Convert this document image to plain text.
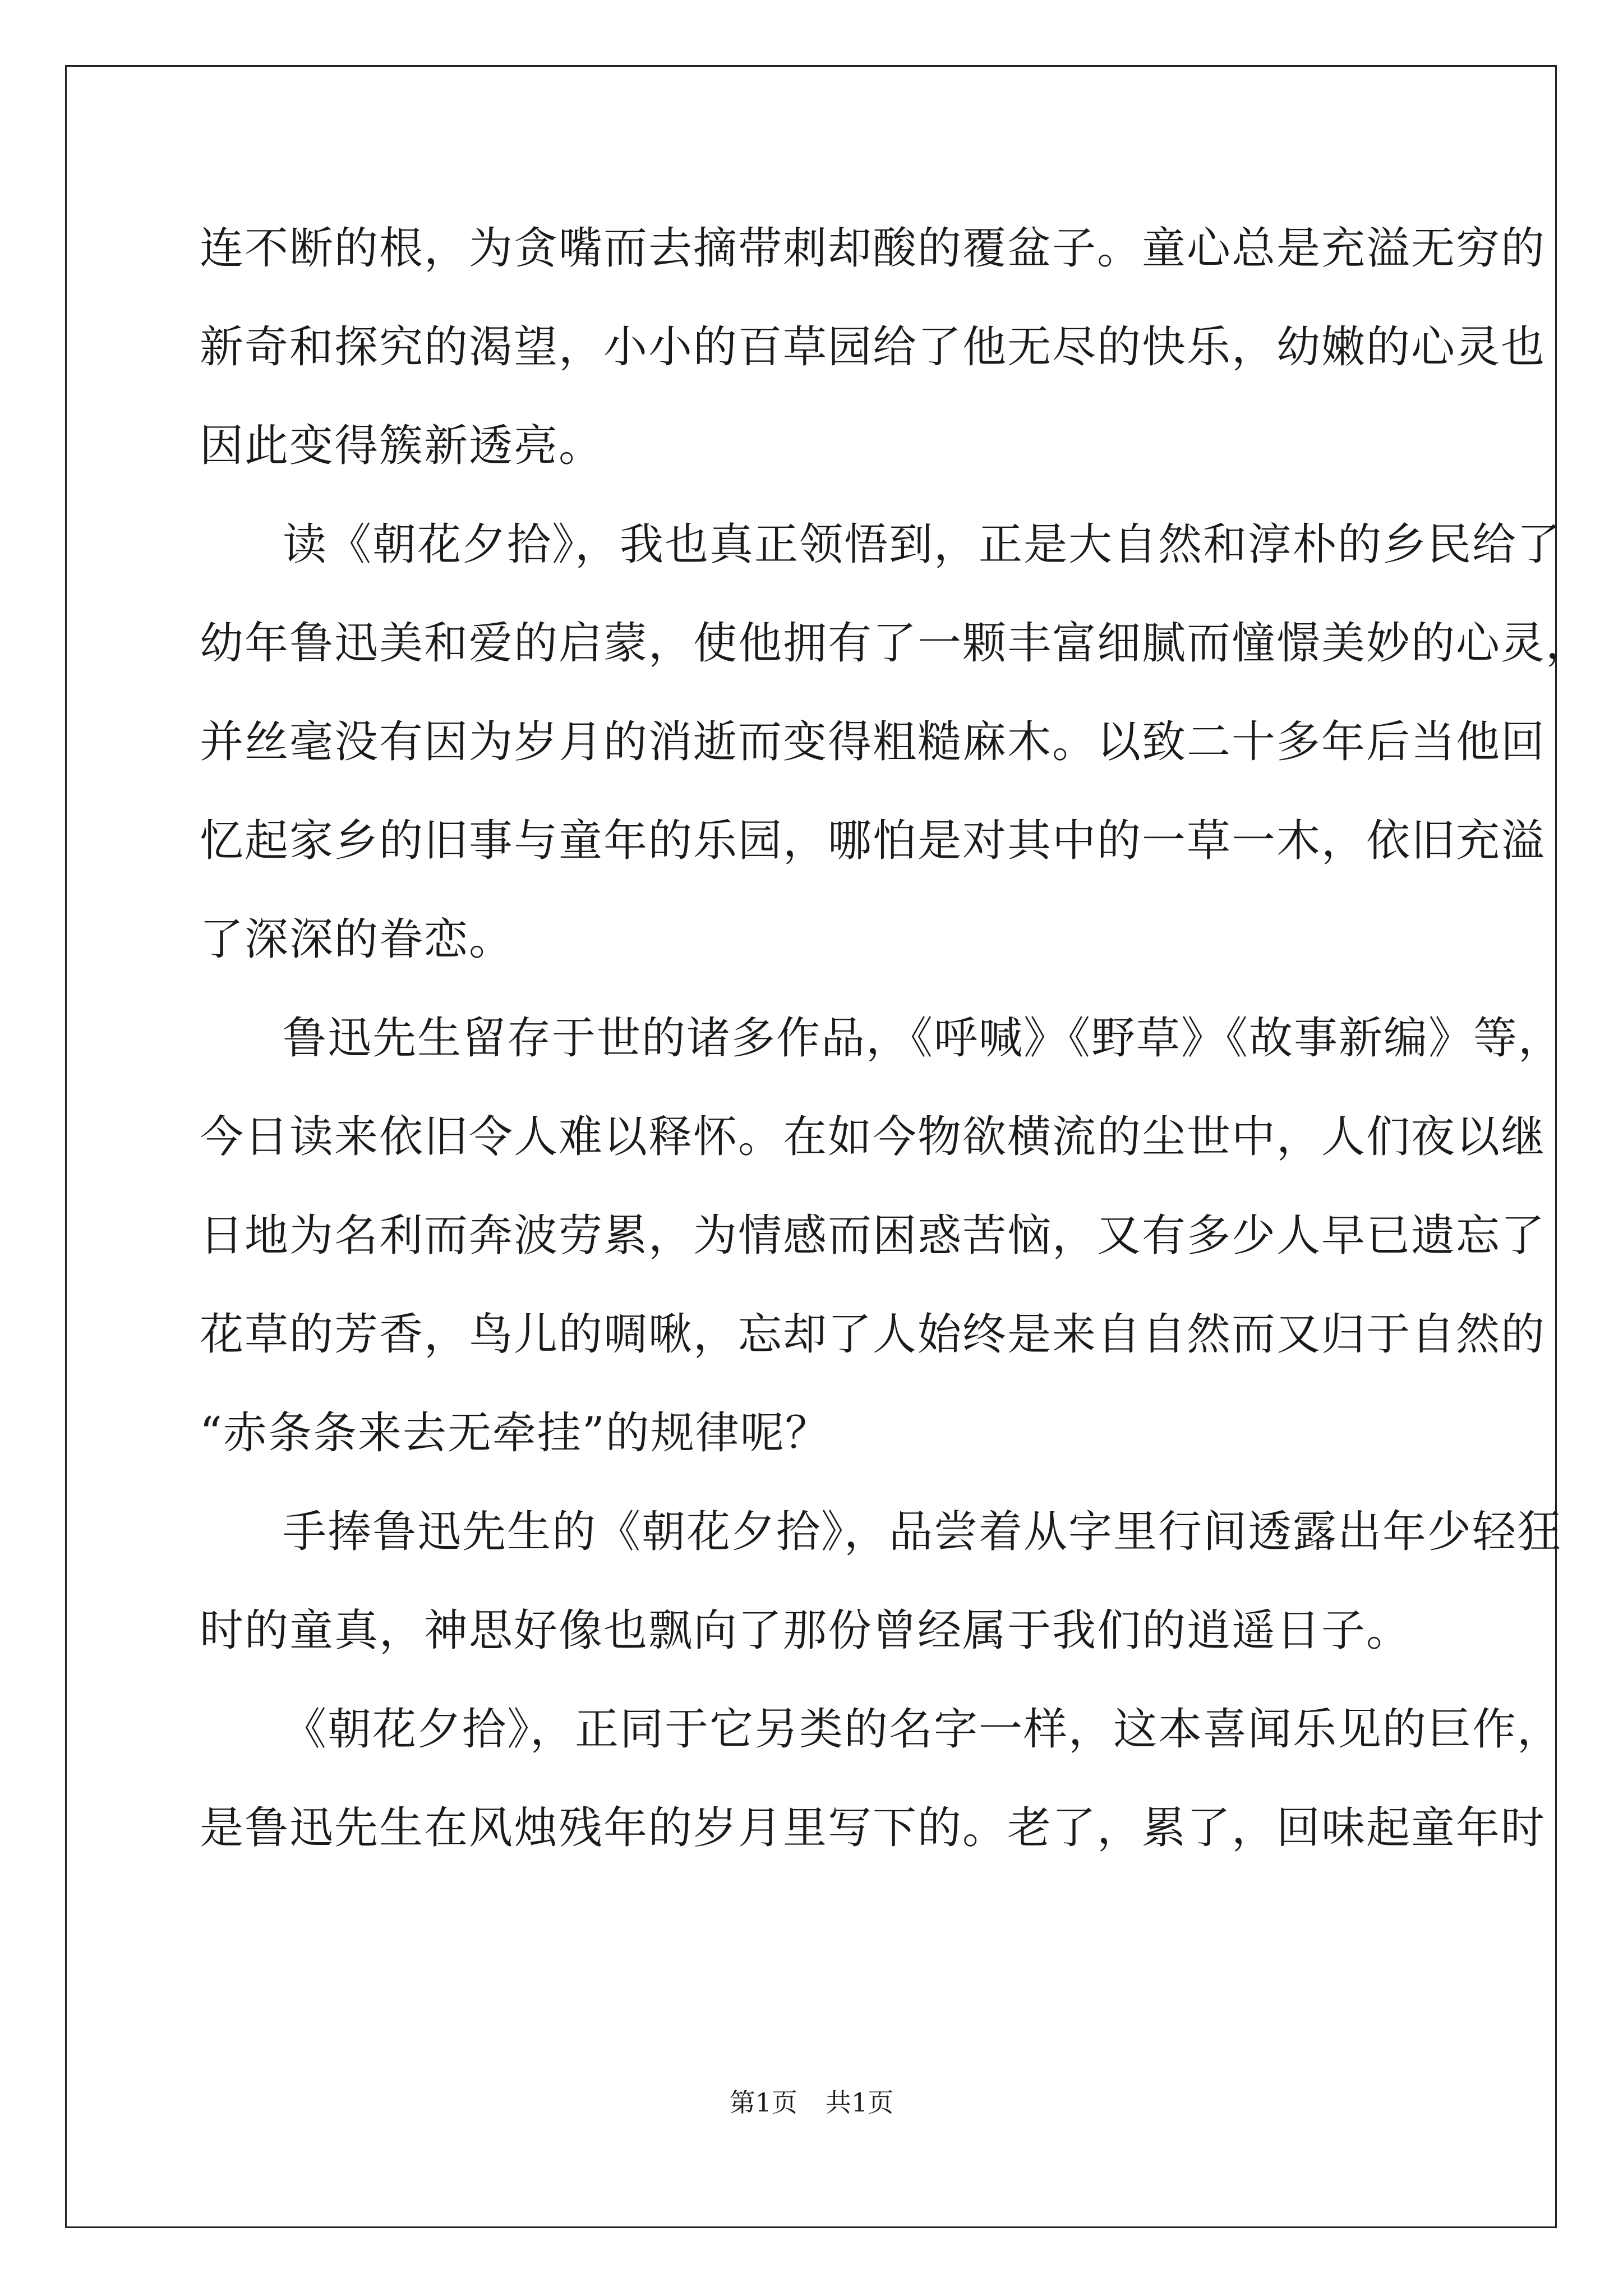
连不断的根，为贪嘴而去摘带刺却酸的覆盆子。童心总是充溢无穷的
新奇和探究的渴望，小小的百草园给了他无尽的快乐，幼嫩的心灵也
因此变得簇新透亮。
读《朝花夕拾》，我也真正领悟到，正是大自然和淳朴的乡民给了
幼年鲁迅美和爱的启蒙，使他拥有了一颗丰富细腻而憧憬美妙的心灵，
并丝毫没有因为岁月的消逝而变得粗糙麻木。以致二十多年后当他回
忆起家乡的旧事与童年的乐园，哪怕是对其中的一草一木，依旧充溢
了深深的眷恋。
鲁迅先生留存于世的诸多作品，《呼喊》《野草》《故事新编》等，
今日读来依旧令人难以释怀。在如今物欲横流的尘世中，人们夜以继
日地为名利而奔波劳累，为情感而困惑苦恼，又有多少人早已遗忘了
花草的芳香，鸟儿的啁啾，忘却了人始终是来自自然而又归于自然的
“赤条条来去无牵挂”的规律呢？
手捧鲁迅先生的《朝花夕拾》，品尝着从字里行间透露出年少轻狂
时的童真，神思好像也飘向了那份曾经属于我们的逍遥日子。
《朝花夕拾》，正同于它另类的名字一样，这本喜闻乐见的巨作，
是鲁迅先生在风烛残年的岁月里写下的。老了，累了，回味起童年时
第1页 共1页
